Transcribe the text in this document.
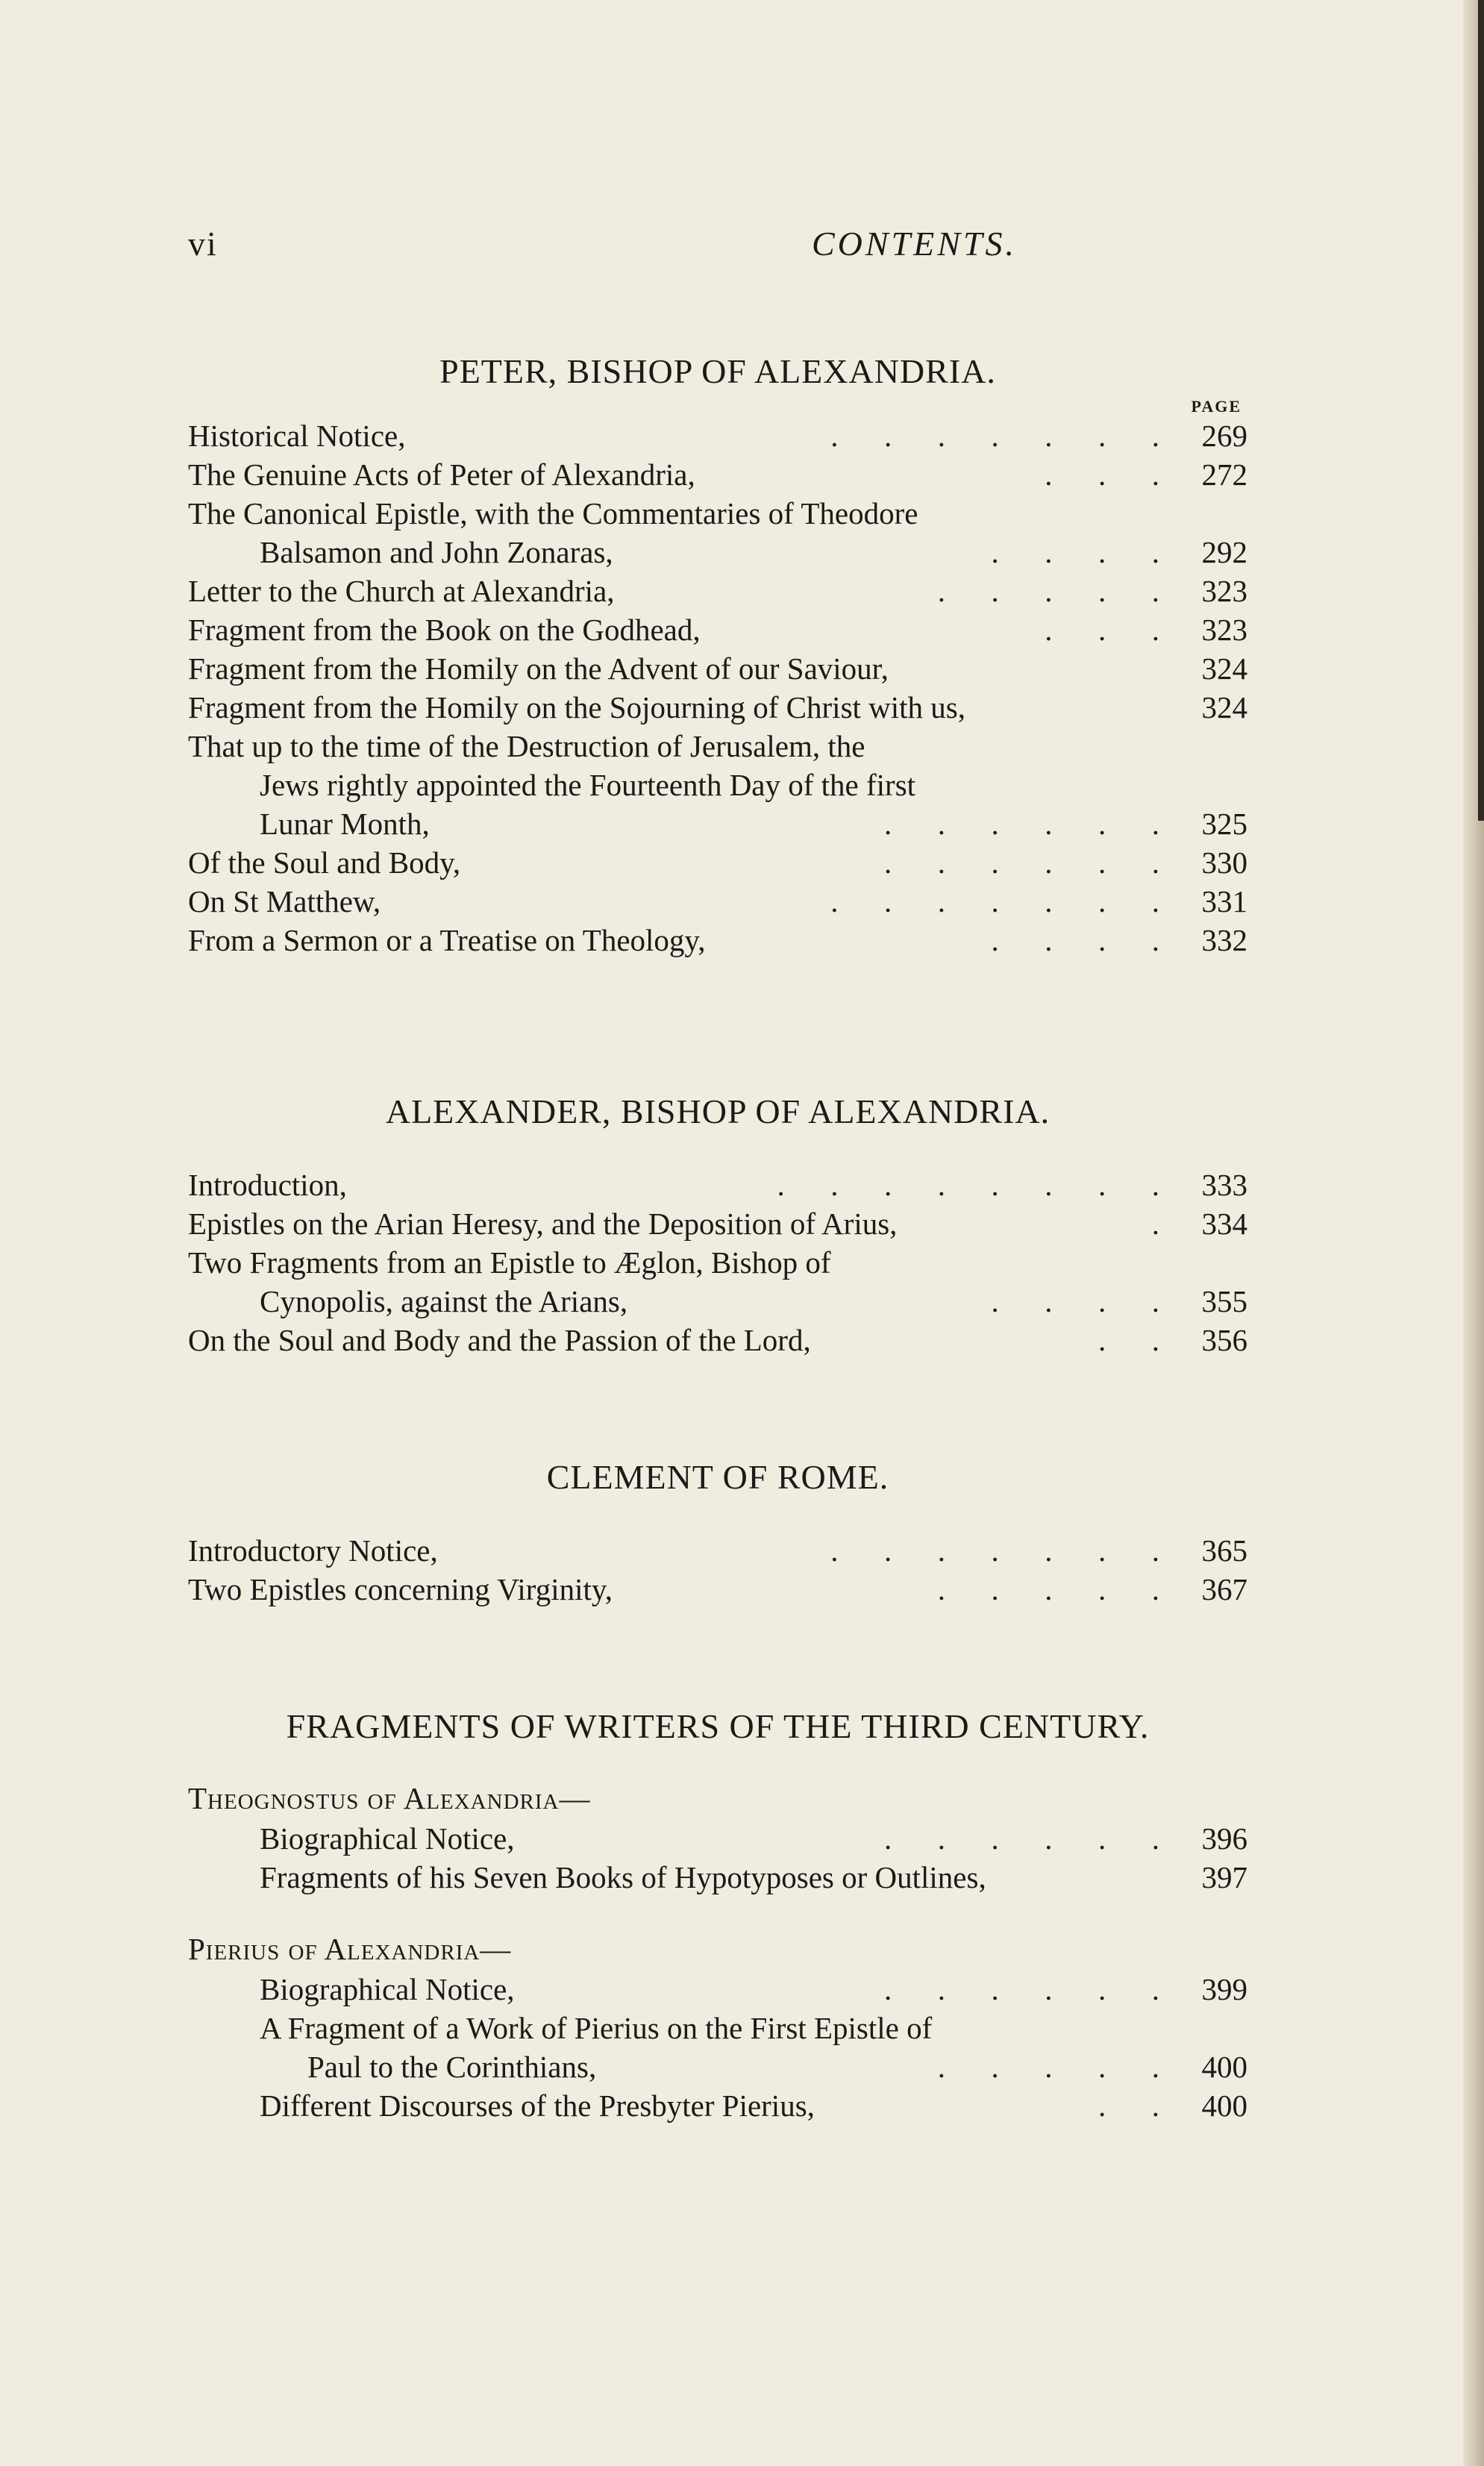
vi	CONTENTS.
PETER, BISHOP OF ALEXANDRIA.
PAGE
Historical Notice,	.      .      .      .      .      .      .	269
The Genuine Acts of Peter of Alexandria,	.      .      .	272
The Canonical Epistle, with the Commentaries of Theodore
Balsamon and John Zonaras,	.      .      .      .	292
Letter to the Church at Alexandria,	.      .      .      .      .	323
Fragment from the Book on the Godhead,	.      .      .	323
Fragment from the Homily on the Advent of our Saviour,	324
Fragment from the Homily on the Sojourning of Christ with us,	324
That up to the time of the Destruction of Jerusalem, the
Jews rightly appointed the Fourteenth Day of the first
Lunar Month,	.      .      .      .      .      .	325
Of the Soul and Body,	.      .      .      .      .      .	330
On St Matthew,	.      .      .      .      .      .      .	331
From a Sermon or a Treatise on Theology,	.      .      .      .	332
ALEXANDER, BISHOP OF ALEXANDRIA.
Introduction,	.      .      .      .      .      .      .      .	333
Epistles on the Arian Heresy, and the Deposition of Arius,	.	334
Two Fragments from an Epistle to Æglon, Bishop of
Cynopolis, against the Arians,	.      .      .      .	355
On the Soul and Body and the Passion of the Lord,	.      .	356
CLEMENT OF ROME.
Introductory Notice,	.      .      .      .      .      .      .	365
Two Epistles concerning Virginity,	.      .      .      .      .	367
FRAGMENTS OF WRITERS OF THE THIRD CENTURY.
Theognostus of Alexandria—
Biographical Notice,	.      .      .      .      .      .	396
Fragments of his Seven Books of Hypotyposes or Outlines,	397
Pierius of Alexandria—
Biographical Notice,	.      .      .      .      .      .	399
A Fragment of a Work of Pierius on the First Epistle of
Paul to the Corinthians,	.      .      .      .      .	400
Different Discourses of the Presbyter Pierius,	.      .	400
